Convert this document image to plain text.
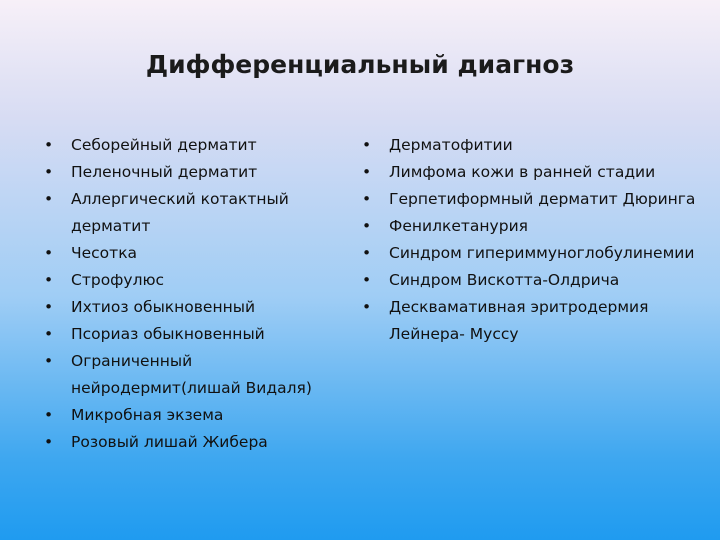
Дифференциальный диагноз
•	Себорейный дерматит
•	Пеленочный дерматит
•	Аллергический котактный дерматит
•	Чесотка
•	Строфулюс
•	Ихтиоз обыкновенный
•	Псориаз обыкновенный
•	Ограниченный нейродермит(лишай Видаля)
•	Микробная экзема
•	Розовый лишай Жибера
•	Дерматофитии
•	Лимфома кожи в ранней стадии
•	Герпетиформный дерматит Дюринга
•	Фенилкетанурия
•	Синдром гипериммуноглобулинемии
•	Синдром Вискотта-Олдрича
•	Десквамативная эритродермия Лейнера- Муссу
